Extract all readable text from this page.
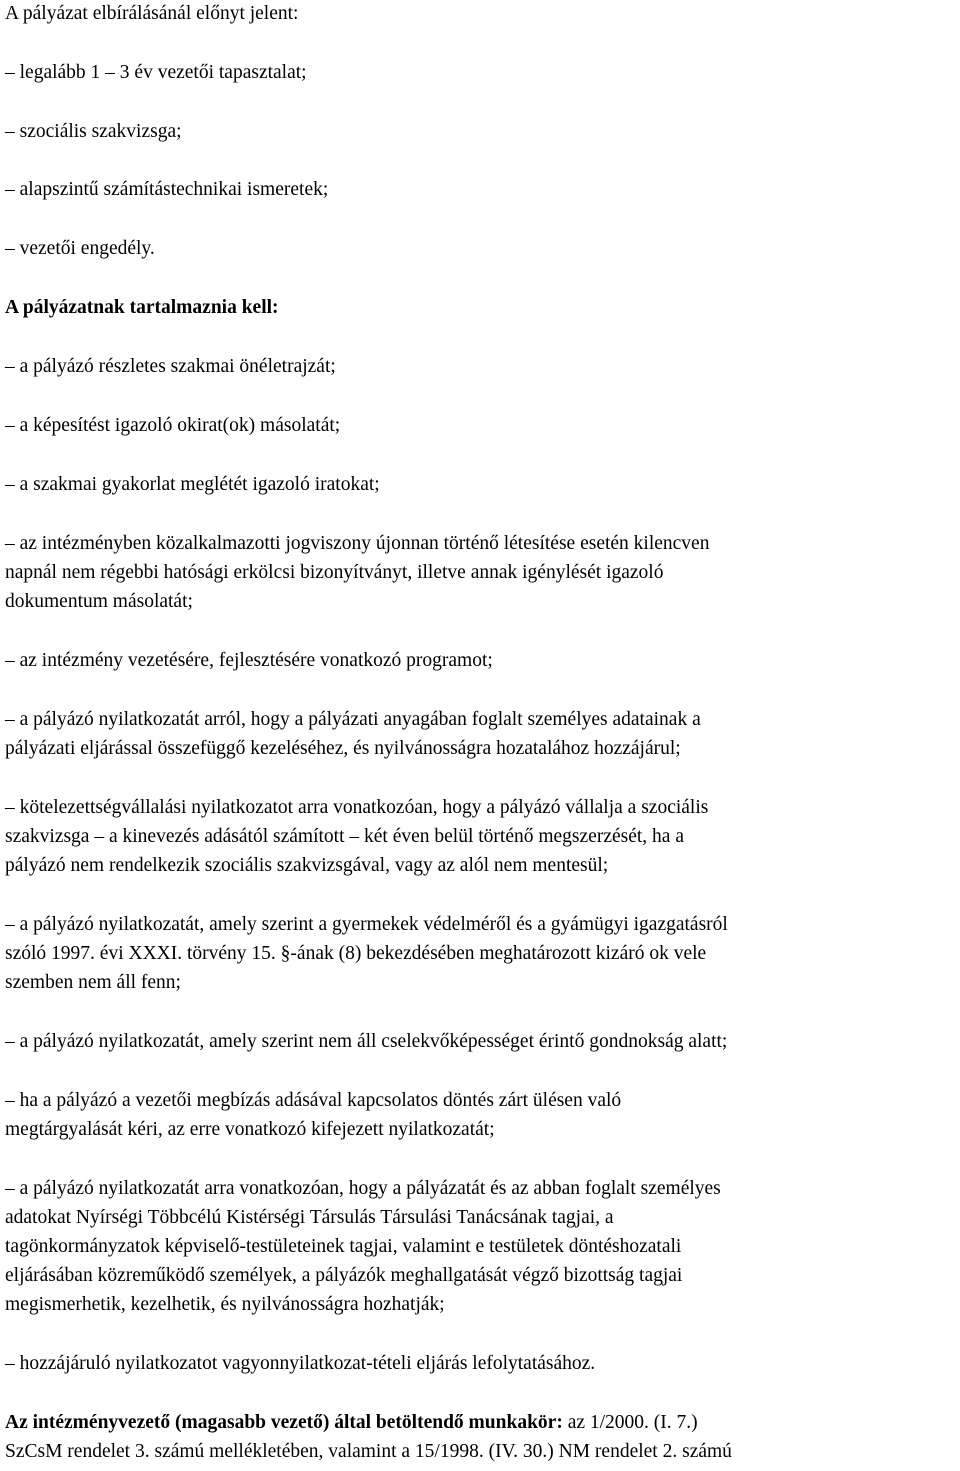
A pályázat elbírálásánál előnyt jelent:

– legalább 1 – 3 év vezetői tapasztalat;

– szociális szakvizsga;

– alapszintű számítástechnikai ismeretek;

– vezetői engedély.

A pályázatnak tartalmaznia kell:

– a pályázó részletes szakmai önéletrajzát;

– a képesítést igazoló okirat(ok) másolatát;

– a szakmai gyakorlat meglétét igazoló iratokat;

– az intézményben közalkalmazotti jogviszony újonnan történő létesítése esetén kilencven

napnál nem régebbi hatósági erkölcsi bizonyítványt, illetve annak igénylését igazoló

dokumentum másolatát;

– az intézmény vezetésére, fejlesztésére vonatkozó programot;

– a pályázó nyilatkozatát arról, hogy a pályázati anyagában foglalt személyes adatainak a

pályázati eljárással összefüggő kezeléséhez, és nyilvánosságra hozatalához hozzájárul;

– kötelezettségvállalási nyilatkozatot arra vonatkozóan, hogy a pályázó vállalja a szociális

szakvizsga – a kinevezés adásától számított – két éven belül történő megszerzését, ha a

pályázó nem rendelkezik szociális szakvizsgával, vagy az alól nem mentesül;

– a pályázó nyilatkozatát, amely szerint a gyermekek védelméről és a gyámügyi igazgatásról

szóló 1997. évi XXXI. törvény 15. §-ának (8) bekezdésében meghatározott kizáró ok vele

szemben nem áll fenn;

– a pályázó nyilatkozatát, amely szerint nem áll cselekvőképességet érintő gondnokság alatt;

– ha a pályázó a vezetői megbízás adásával kapcsolatos döntés zárt ülésen való

megtárgyalását kéri, az erre vonatkozó kifejezett nyilatkozatát;

– a pályázó nyilatkozatát arra vonatkozóan, hogy a pályázatát és az abban foglalt személyes

adatokat Nyírségi Többcélú Kistérségi Társulás Társulási Tanácsának tagjai, a

tagönkormányzatok képviselő-testületeinek tagjai, valamint e testületek döntéshozatali

eljárásában közreműködő személyek, a pályázók meghallgatását végző bizottság tagjai

megismerhetik, kezelhetik, és nyilvánosságra hozhatják;

– hozzájáruló nyilatkozatot vagyonnyilatkozat-tételi eljárás lefolytatásához.

Az intézményvezető (magasabb vezető) által betöltendő munkakör: az 1/2000. (I. 7.)

SzCsM rendelet 3. számú mellékletében, valamint a 15/1998. (IV. 30.) NM rendelet 2. számú
